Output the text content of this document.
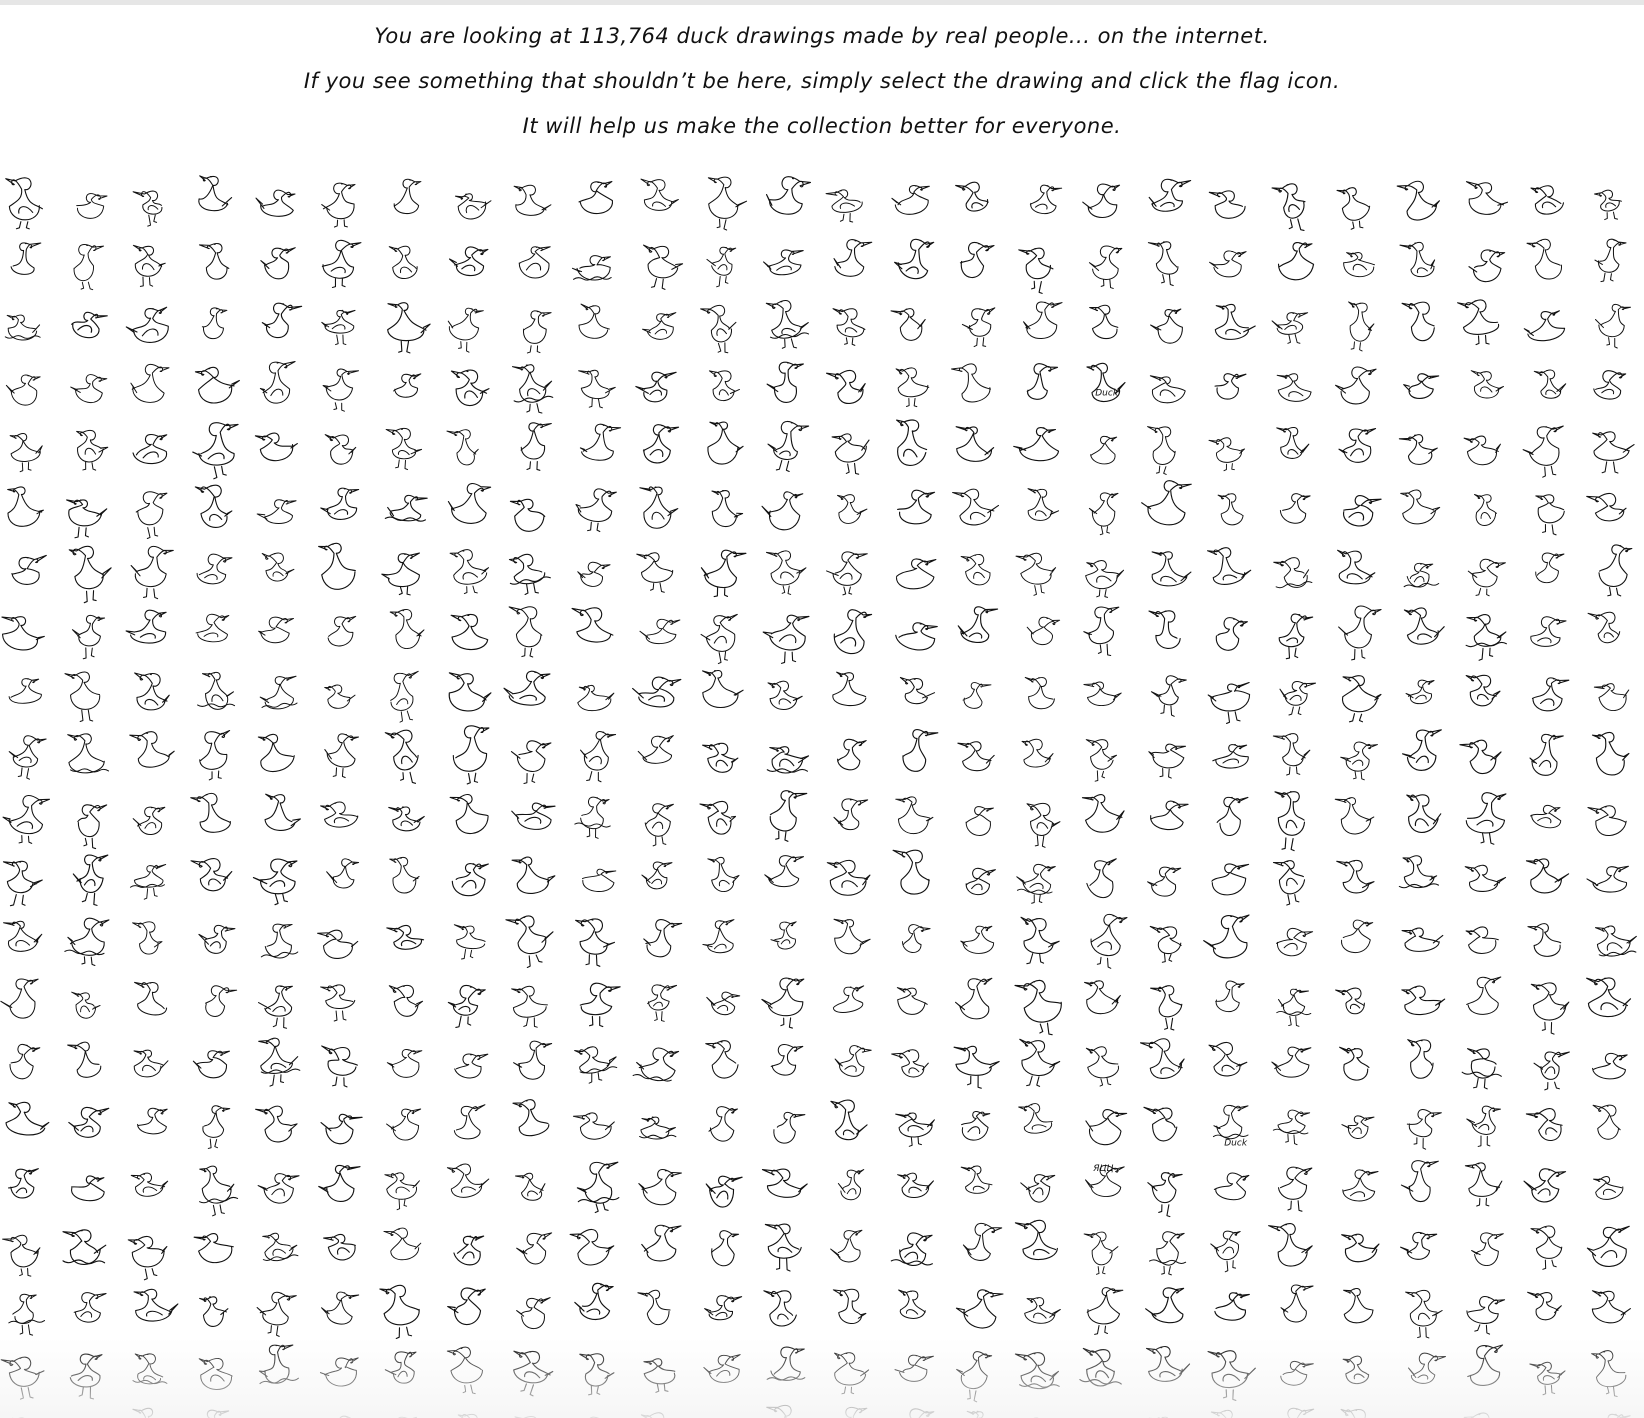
You are looking at 113,764 duck drawings made by real people... on the internet.

If you see something that shouldn’t be here, simply select the drawing and click the flag icon.

It will help us make the collection better for everyone.

Duck
Duck
ЯЦЦ
